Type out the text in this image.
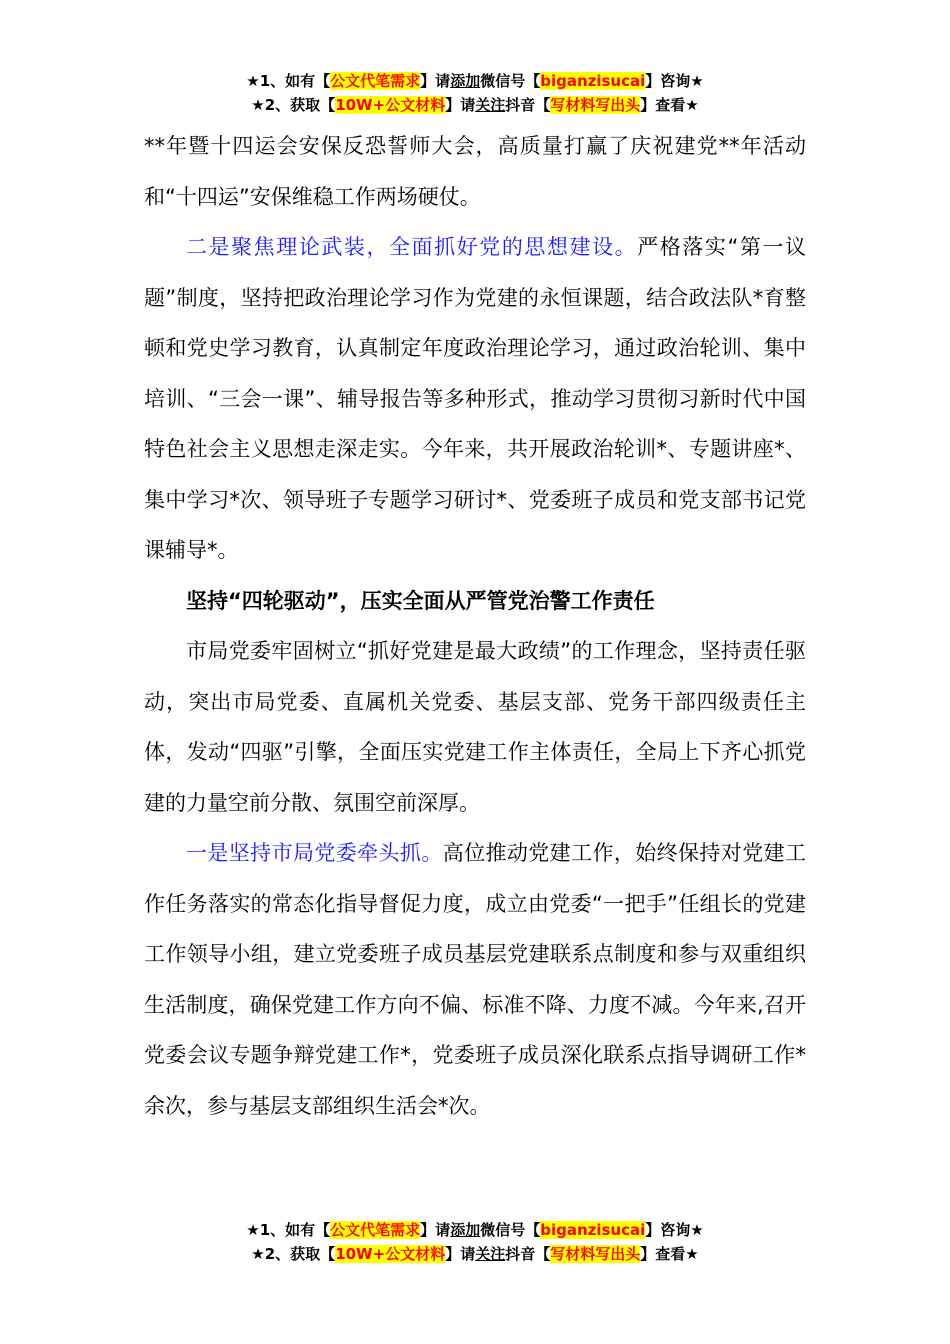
★1、如有【公文代笔需求】请添加微信号【biganzisucai】咨询★
★2、获取【10W+公文材料】请关注抖音【写材料写出头】查看★

**年暨十四运会安保反恐誓师大会，高质量打赢了庆祝建党**年活动和“十四运”安保维稳工作两场硬仗。

二是聚焦理论武装，全面抓好党的思想建设。严格落实“第一议题”制度，坚持把政治理论学习作为党建的永恒课题，结合政法队*育整顿和党史学习教育，认真制定年度政治理论学习，通过政治轮训、集中培训、“三会一课”、辅导报告等多种形式，推动学习贯彻习新时代中国特色社会主义思想走深走实。今年来，共开展政治轮训*、专题讲座*、集中学习*次、领导班子专题学习研讨*、党委班子成员和党支部书记党课辅导*。

坚持“四轮驱动”，压实全面从严管党治警工作责任

市局党委牢固树立“抓好党建是最大政绩”的工作理念，坚持责任驱动，突出市局党委、直属机关党委、基层支部、党务干部四级责任主体，发动“四驱”引擎，全面压实党建工作主体责任，全局上下齐心抓党建的力量空前分散、氛围空前深厚。

一是坚持市局党委牵头抓。高位推动党建工作，始终保持对党建工作任务落实的常态化指导督促力度，成立由党委“一把手”任组长的党建工作领导小组，建立党委班子成员基层党建联系点制度和参与双重组织生活制度，确保党建工作方向不偏、标准不降、力度不减。今年来,召开党委会议专题争辩党建工作*，党委班子成员深化联系点指导调研工作*余次，参与基层支部组织生活会*次。

★1、如有【公文代笔需求】请添加微信号【biganzisucai】咨询★
★2、获取【10W+公文材料】请关注抖音【写材料写出头】查看★
